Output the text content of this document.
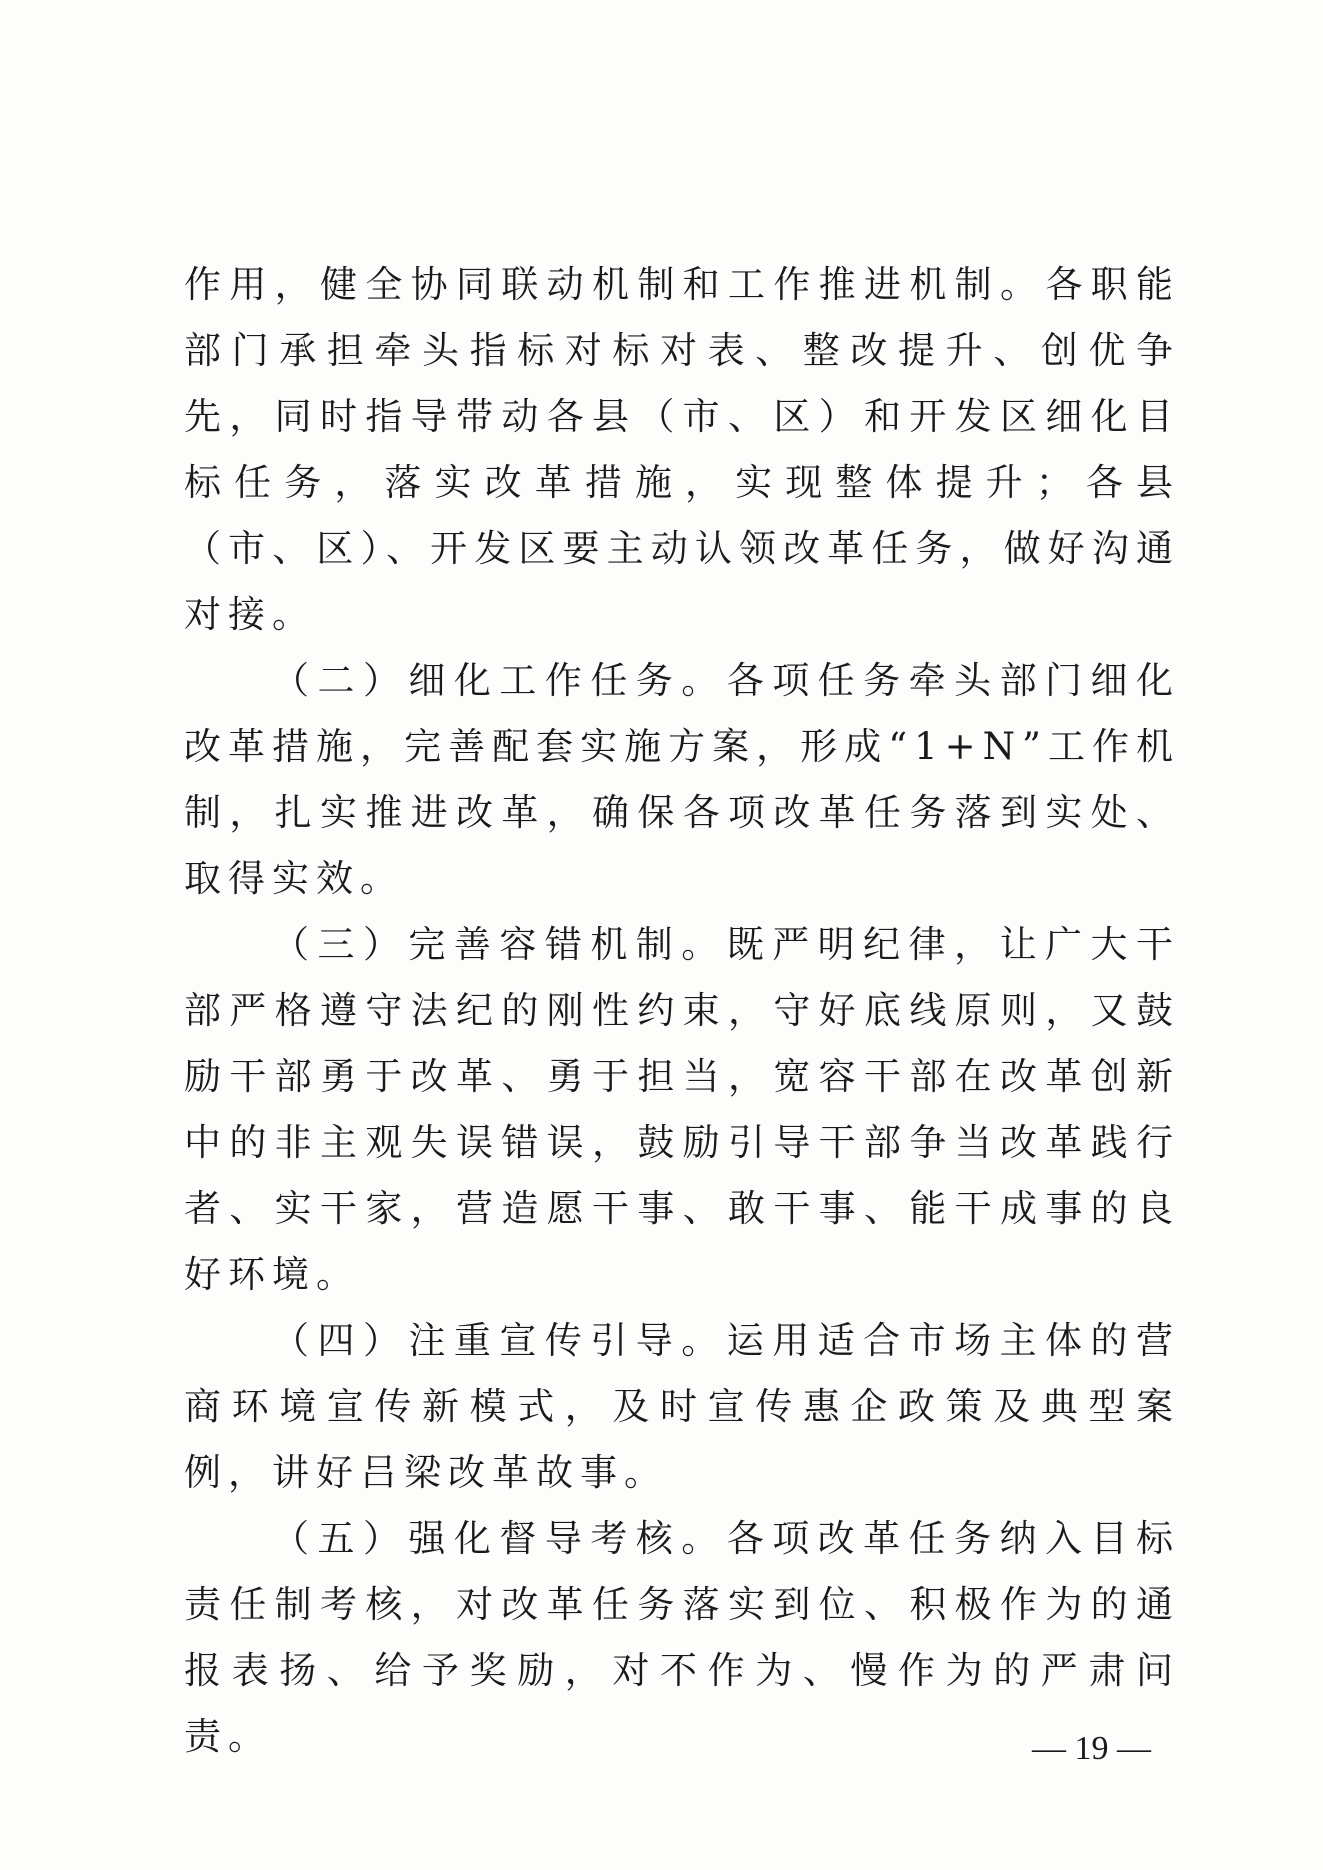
作用，健全协同联动机制和工作推进机制。各职能部门承担牵头指标对标对表、整改提升、创优争先，同时指导带动各县（市、区）和开发区细化目标任务，落实改革措施，实现整体提升；各县（市、区）、开发区要主动认领改革任务，做好沟通对接。

（二）细化工作任务。各项任务牵头部门细化改革措施，完善配套实施方案，形成“1+N”工作机制，扎实推进改革，确保各项改革任务落到实处、取得实效。

（三）完善容错机制。既严明纪律，让广大干部严格遵守法纪的刚性约束，守好底线原则，又鼓励干部勇于改革、勇于担当，宽容干部在改革创新中的非主观失误错误，鼓励引导干部争当改革践行者、实干家，营造愿干事、敢干事、能干成事的良好环境。

（四）注重宣传引导。运用适合市场主体的营商环境宣传新模式，及时宣传惠企政策及典型案例，讲好吕梁改革故事。

（五）强化督导考核。各项改革任务纳入目标责任制考核，对改革任务落实到位、积极作为的通报表扬、给予奖励，对不作为、慢作为的严肃问责。	— 19 —
